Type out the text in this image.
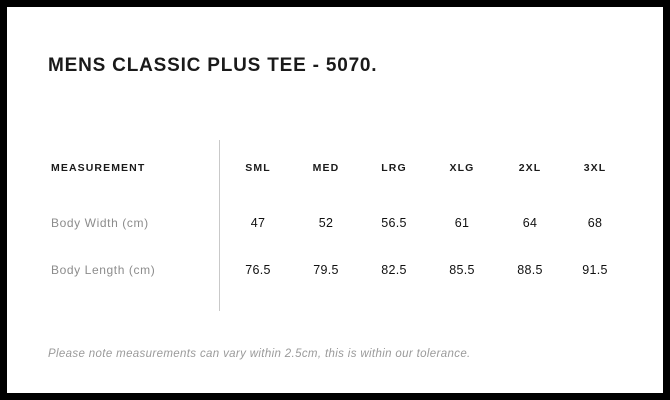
MENS CLASSIC PLUS TEE - 5070.
MEASUREMENT	SML	MED	LRG	XLG	2XL	3XL
Body Width (cm)	47	52	56.5	61	64	68
Body Length (cm)	76.5	79.5	82.5	85.5	88.5	91.5
Please note measurements can vary within 2.5cm, this is within our tolerance.
